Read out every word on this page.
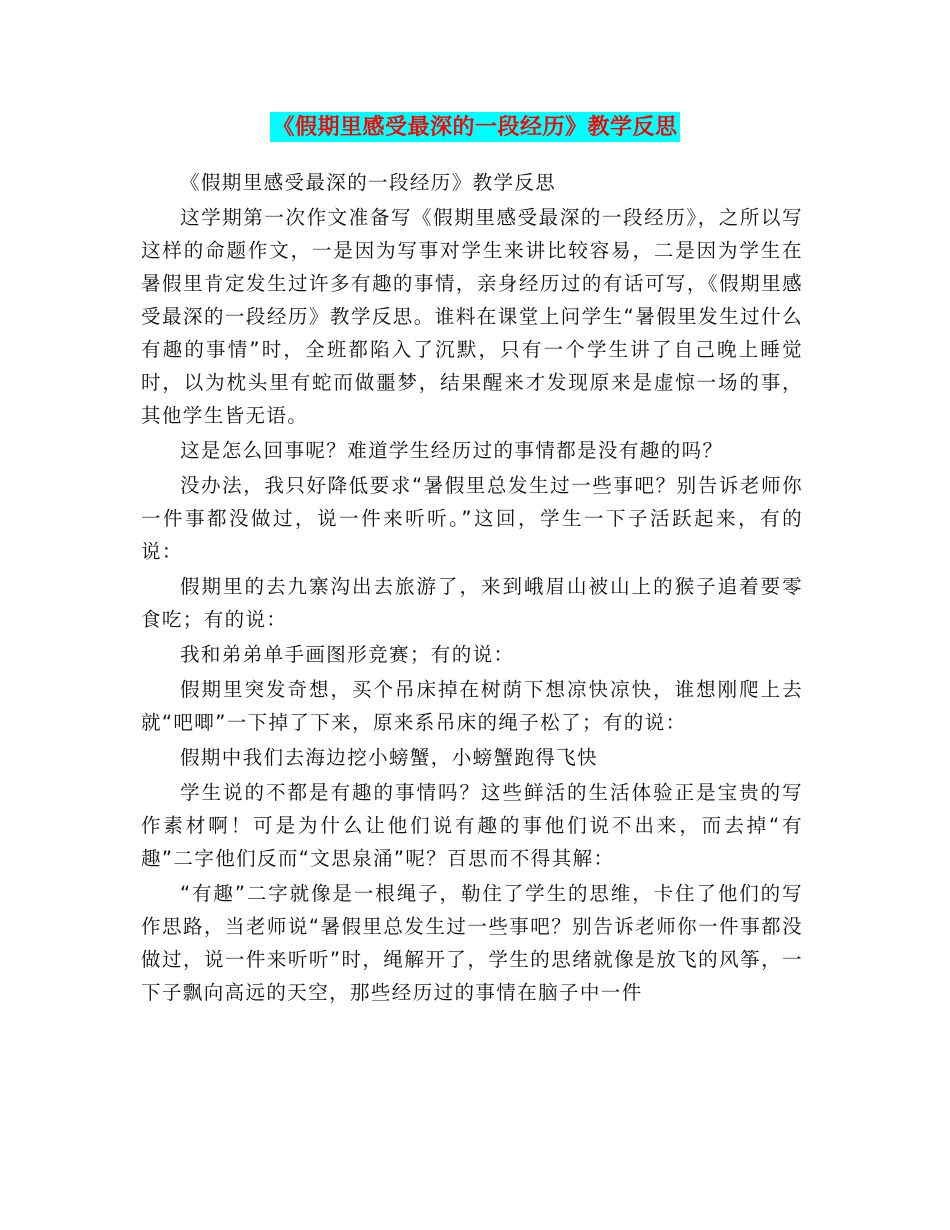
《假期里感受最深的一段经历》教学反思

《假期里感受最深的一段经历》教学反思

这学期第一次作文准备写《假期里感受最深的一段经历》，之所以写这样的命题作文，一是因为写事对学生来讲比较容易，二是因为学生在暑假里肯定发生过许多有趣的事情，亲身经历过的有话可写，《假期里感受最深的一段经历》教学反思。谁料在课堂上问学生“暑假里发生过什么有趣的事情”时，全班都陷入了沉默，只有一个学生讲了自己晚上睡觉时，以为枕头里有蛇而做噩梦，结果醒来才发现原来是虚惊一场的事，其他学生皆无语。

这是怎么回事呢？难道学生经历过的事情都是没有趣的吗？

没办法，我只好降低要求“暑假里总发生过一些事吧？别告诉老师你一件事都没做过，说一件来听听。”这回，学生一下子活跃起来，有的说：

假期里的去九寨沟出去旅游了，来到峨眉山被山上的猴子追着要零食吃；有的说：

我和弟弟单手画图形竞赛；有的说：

假期里突发奇想，买个吊床掉在树荫下想凉快凉快，谁想刚爬上去就“吧唧”一下掉了下来，原来系吊床的绳子松了；有的说：

假期中我们去海边挖小螃蟹，小螃蟹跑得飞快

学生说的不都是有趣的事情吗？这些鲜活的生活体验正是宝贵的写作素材啊！可是为什么让他们说有趣的事他们说不出来，而去掉“有趣”二字他们反而“文思泉涌”呢？百思而不得其解：

“有趣”二字就像是一根绳子，勒住了学生的思维，卡住了他们的写作思路，当老师说“暑假里总发生过一些事吧？别告诉老师你一件事都没做过，说一件来听听”时，绳解开了，学生的思绪就像是放飞的风筝，一下子飘向高远的天空，那些经历过的事情在脑子中一件
